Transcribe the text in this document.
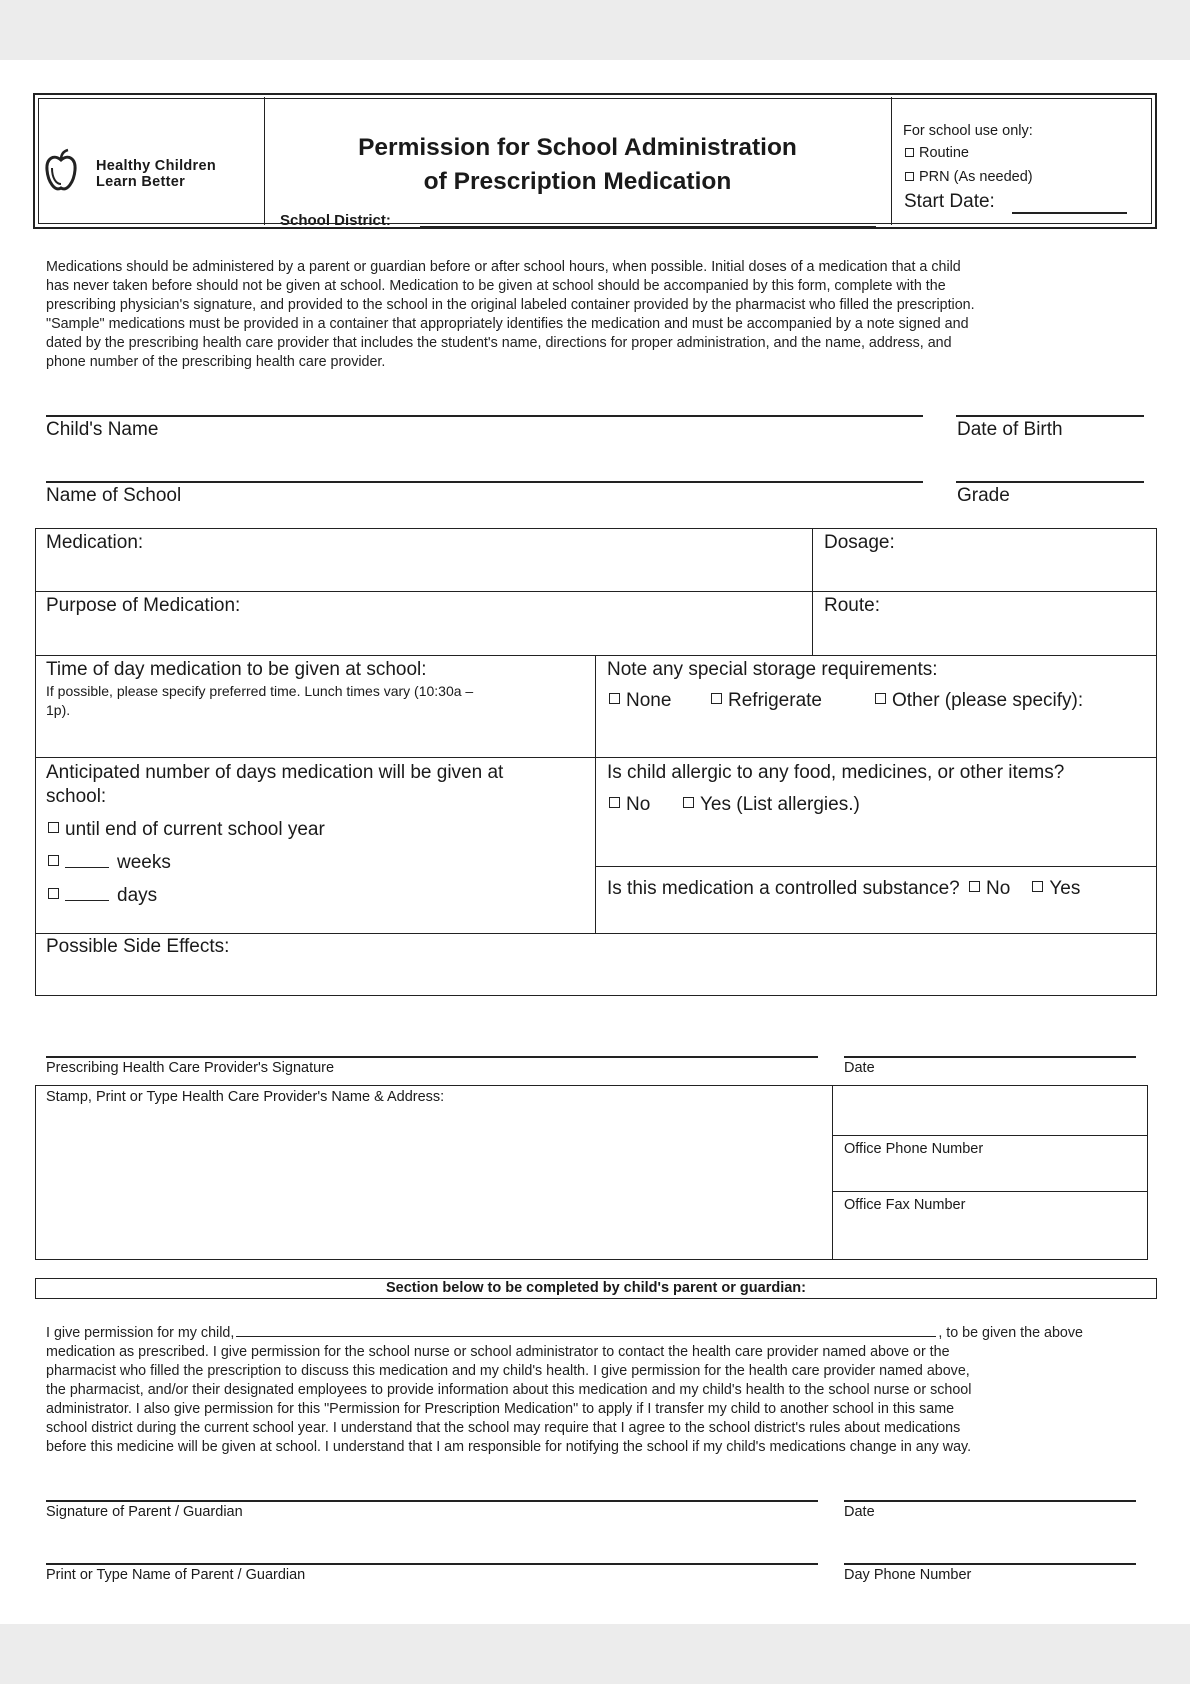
Healthy Children
Learn Better
Permission for School Administration
of Prescription Medication
School District:
For school use only:
Routine
PRN (As needed)
Start Date:
Medications should be administered by a parent or guardian before or after school hours, when possible. Initial doses of a medication that a child
has never taken before should not be given at school. Medication to be given at school should be accompanied by this form, complete with the
prescribing physician's signature, and provided to the school in the original labeled container provided by the pharmacist who filled the prescription.
"Sample" medications must be provided in a container that appropriately identifies the medication and must be accompanied by a note signed and
dated by the prescribing health care provider that includes the student's name, directions for proper administration, and the name, address, and
phone number of the prescribing health care provider.
Child's Name	Date of Birth
Name of School	Grade
Medication:	Dosage:
Purpose of Medication:	Route:
Time of day medication to be given at school:
If possible, please specify preferred time. Lunch times vary (10:30a –
1p).
Note any special storage requirements:
None	Refrigerate	Other (please specify):
Anticipated number of days medication will be given at
school:
until end of current school year
weeks
days
Is child allergic to any food, medicines, or other items?
No	Yes (List allergies.)
Is this medication a controlled substance? No Yes
Possible Side Effects:
Prescribing Health Care Provider's Signature	Date
Stamp, Print or Type Health Care Provider's Name & Address:
Office Phone Number
Office Fax Number
Section below to be completed by child's parent or guardian:
I give permission for my child,	, to be given the above
medication as prescribed. I give permission for the school nurse or school administrator to contact the health care provider named above or the
pharmacist who filled the prescription to discuss this medication and my child's health. I give permission for the health care provider named above,
the pharmacist, and/or their designated employees to provide information about this medication and my child's health to the school nurse or school
administrator. I also give permission for this "Permission for Prescription Medication" to apply if I transfer my child to another school in this same
school district during the current school year. I understand that the school may require that I agree to the school district's rules about medications
before this medicine will be given at school. I understand that I am responsible for notifying the school if my child's medications change in any way.
Signature of Parent / Guardian	Date
Print or Type Name of Parent / Guardian	Day Phone Number
